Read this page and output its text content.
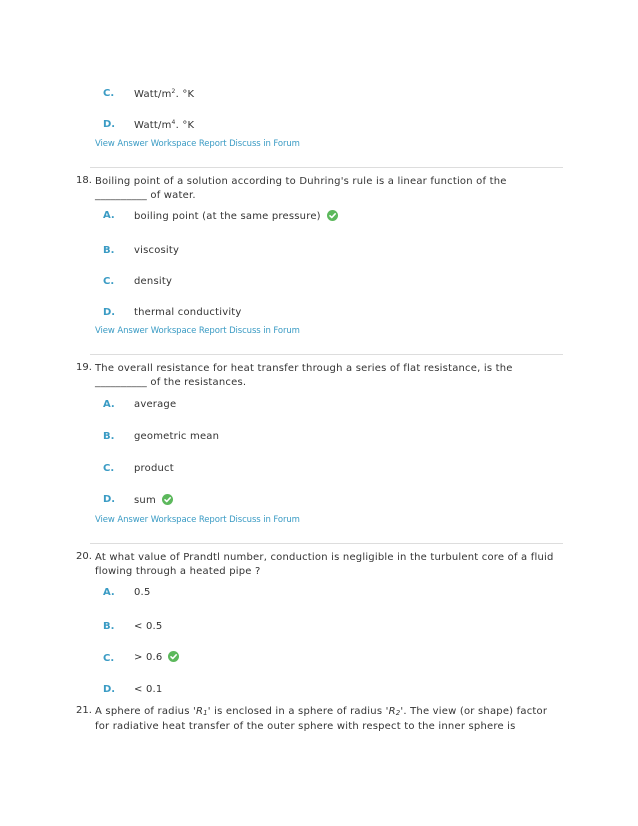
C. Watt/$m^2$. °K
D. Watt/$m^4$. °K
View Answer Workspace Report Discuss in Forum
18. Boiling point of a solution according to Duhring's rule is a linear function of the __________ of water.
A. boiling point (at the same pressure)
B. viscosity
C. density
D. thermal conductivity
View Answer Workspace Report Discuss in Forum
19. The overall resistance for heat transfer through a series of flat resistance, is the __________ of the resistances.
A. average
B. geometric mean
C. product
D. sum
View Answer Workspace Report Discuss in Forum
20. At what value of Prandtl number, conduction is negligible in the turbulent core of a fluid flowing through a heated pipe ?
A. 0.5
B. < 0.5
C. > 0.6
D. < 0.1
21. A sphere of radius '$R_1$' is enclosed in a sphere of radius '$R_2$'. The view (or shape) factor for radiative heat transfer of the outer sphere with respect to the inner sphere is
